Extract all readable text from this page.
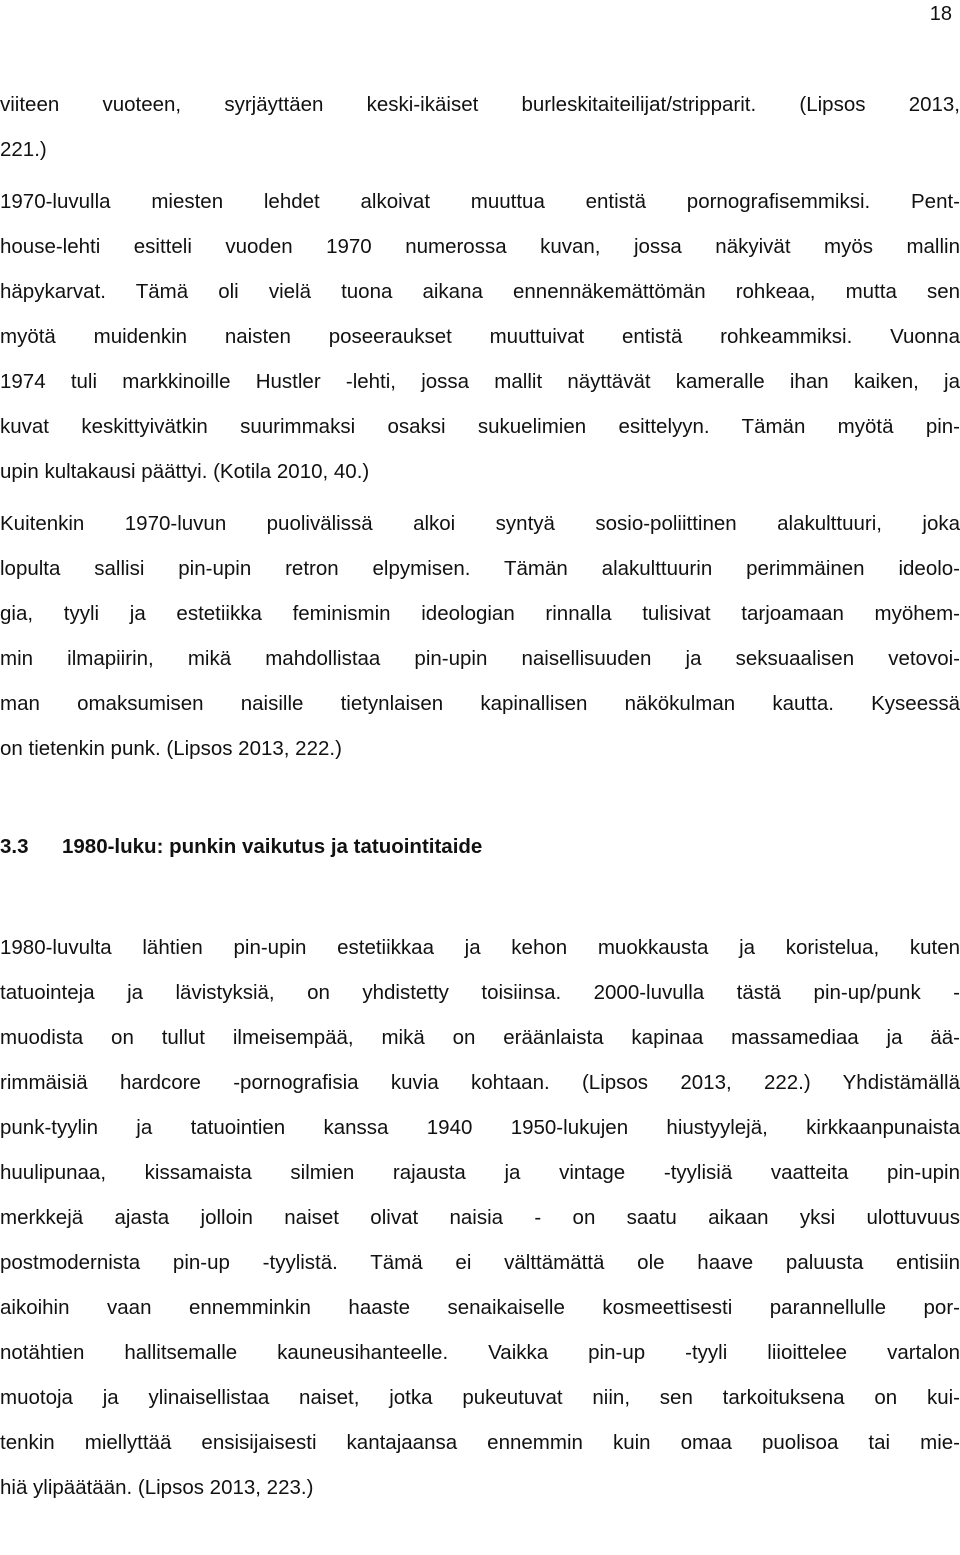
18
viiteen vuoteen, syrjäyttäen keski-ikäiset burleskitaiteilijat/stripparit. (Lipsos 2013,
221.)
1970-luvulla miesten lehdet alkoivat muuttua entistä pornografisemmiksi. Pent-
house-lehti esitteli vuoden 1970 numerossa kuvan, jossa näkyivät myös mallin
häpykarvat. Tämä oli vielä tuona aikana ennennäkemättömän rohkeaa, mutta sen
myötä muidenkin naisten poseeraukset muuttuivat entistä rohkeammiksi. Vuonna
1974 tuli markkinoille Hustler -lehti, jossa mallit näyttävät kameralle ihan kaiken, ja
kuvat keskittyivätkin suurimmaksi osaksi sukuelimien esittelyyn. Tämän myötä pin-
upin kultakausi päättyi. (Kotila 2010, 40.)
Kuitenkin 1970-luvun puolivälissä alkoi syntyä sosio-poliittinen alakulttuuri, joka
lopulta sallisi pin-upin retron elpymisen. Tämän alakulttuurin perimmäinen ideolo-
gia, tyyli ja estetiikka feminismin ideologian rinnalla tulisivat tarjoamaan myöhem-
min ilmapiirin, mikä mahdollistaa pin-upin naisellisuuden ja seksuaalisen vetovoi-
man omaksumisen naisille tietynlaisen kapinallisen näkökulman kautta. Kyseessä
on tietenkin punk. (Lipsos 2013, 222.)
3.3 1980-luku: punkin vaikutus ja tatuointitaide
1980-luvulta lähtien pin-upin estetiikkaa ja kehon muokkausta ja koristelua, kuten
tatuointeja ja lävistyksiä, on yhdistetty toisiinsa. 2000-luvulla tästä pin-up/punk -
muodista on tullut ilmeisempää, mikä on eräänlaista kapinaa massamediaa ja ää-
rimmäisiä hardcore -pornografisia kuvia kohtaan. (Lipsos 2013, 222.) Yhdistämällä
punk-tyylin ja tatuointien kanssa 1940 1950-lukujen hiustyylejä, kirkkaanpunaista
huulipunaa, kissamaista silmien rajausta ja vintage -tyylisiä vaatteita pin-upin
merkkejä ajasta jolloin naiset olivat naisia - on saatu aikaan yksi ulottuvuus
postmodernista pin-up -tyylistä. Tämä ei välttämättä ole haave paluusta entisiin
aikoihin vaan ennemminkin haaste senaikaiselle kosmeettisesti parannellulle por-
notähtien hallitsemalle kauneusihanteelle. Vaikka pin-up -tyyli liioittelee vartalon
muotoja ja ylinaisellistaa naiset, jotka pukeutuvat niin, sen tarkoituksena on kui-
tenkin miellyttää ensisijaisesti kantajaansa ennemmin kuin omaa puolisoa tai mie-
hiä ylipäätään. (Lipsos 2013, 223.)
